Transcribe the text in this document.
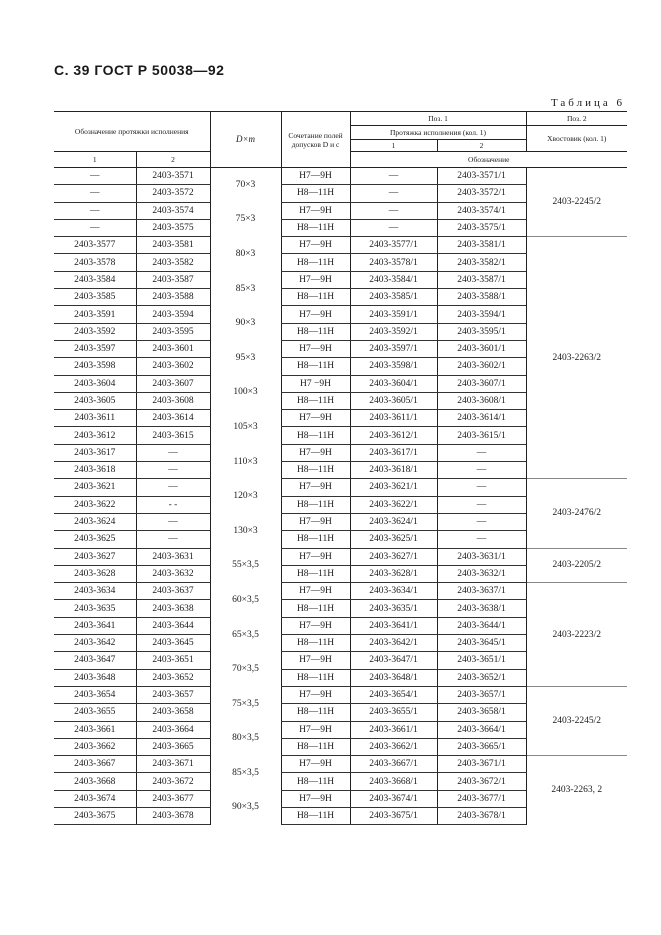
С. 39 ГОСТ Р 50038—92
Таблица 6
Обозначение протяжки исполнения		D×m	Сочетание полей допусков D и c	Поз. 1		Поз. 2
				Протяжка исполнения (кол. 1)		Хвостовик (кол. 1)
				1	2	
1	2			Обозначение		
—	2403-3571	70×3	H7—9H	—	2403-3571/1	2403-2245/2
—	2403-3572		H8—11H	—	2403-3572/1	
—	2403-3574	75×3	H7—9H	—	2403-3574/1	
—	2403-3575		H8—11H	—	2403-3575/1	
2403-3577	2403-3581	80×3	H7—9H	2403-3577/1	2403-3581/1	2403-2263/2
2403-3578	2403-3582		H8—11H	2403-3578/1	2403-3582/1	
2403-3584	2403-3587	85×3	H7—9H	2403-3584/1	2403-3587/1	
2403-3585	2403-3588		H8—11H	2403-3585/1	2403-3588/1	
2403-3591	2403-3594	90×3	H7—9H	2403-3591/1	2403-3594/1	
2403-3592	2403-3595		H8—11H	2403-3592/1	2403-3595/1	
2403-3597	2403-3601	95×3	H7—9H	2403-3597/1	2403-3601/1	
2403-3598	2403-3602		H8—11H	2403-3598/1	2403-3602/1	
2403-3604	2403-3607	100×3	H7 −9H	2403-3604/1	2403-3607/1	
2403-3605	2403-3608		H8—11H	2403-3605/1	2403-3608/1	
2403-3611	2403-3614	105×3	H7—9H	2403-3611/1	2403-3614/1	
2403-3612	2403-3615		H8—11H	2403-3612/1	2403-3615/1	
2403-3617	—	110×3	H7—9H	2403-3617/1	—	
2403-3618	—		H8—11H	2403-3618/1	—	
2403-3621	—	120×3	H7—9H	2403-3621/1	—	2403-2476/2
2403-3622	- -		H8—11H	2403-3622/1	—	
2403-3624	—	130×3	H7—9H	2403-3624/1	—	
2403-3625	—		H8—11H	2403-3625/1	—	
2403-3627	2403-3631	55×3,5	H7—9H	2403-3627/1	2403-3631/1	2403-2205/2
2403-3628	2403-3632		H8—11H	2403-3628/1	2403-3632/1	
2403-3634	2403-3637	60×3,5	H7—9H	2403-3634/1	2403-3637/1	2403-2223/2
2403-3635	2403-3638		H8—11H	2403-3635/1	2403-3638/1	
2403-3641	2403-3644	65×3,5	H7—9H	2403-3641/1	2403-3644/1	
2403-3642	2403-3645		H8—11H	2403-3642/1	2403-3645/1	
2403-3647	2403-3651	70×3,5	H7—9H	2403-3647/1	2403-3651/1	
2403-3648	2403-3652		H8—11H	2403-3648/1	2403-3652/1	
2403-3654	2403-3657	75×3,5	H7—9H	2403-3654/1	2403-3657/1	2403-2245/2
2403-3655	2403-3658		H8—11H	2403-3655/1	2403-3658/1	
2403-3661	2403-3664	80×3,5	H7—9H	2403-3661/1	2403-3664/1	
2403-3662	2403-3665		H8—11H	2403-3662/1	2403-3665/1	
2403-3667	2403-3671	85×3,5	H7—9H	2403-3667/1	2403-3671/1	2403-2263, 2
2403-3668	2403-3672		H8—11H	2403-3668/1	2403-3672/1	
2403-3674	2403-3677	90×3,5	H7—9H	2403-3674/1	2403-3677/1	
2403-3675	2403-3678		H8—11H	2403-3675/1	2403-3678/1	
